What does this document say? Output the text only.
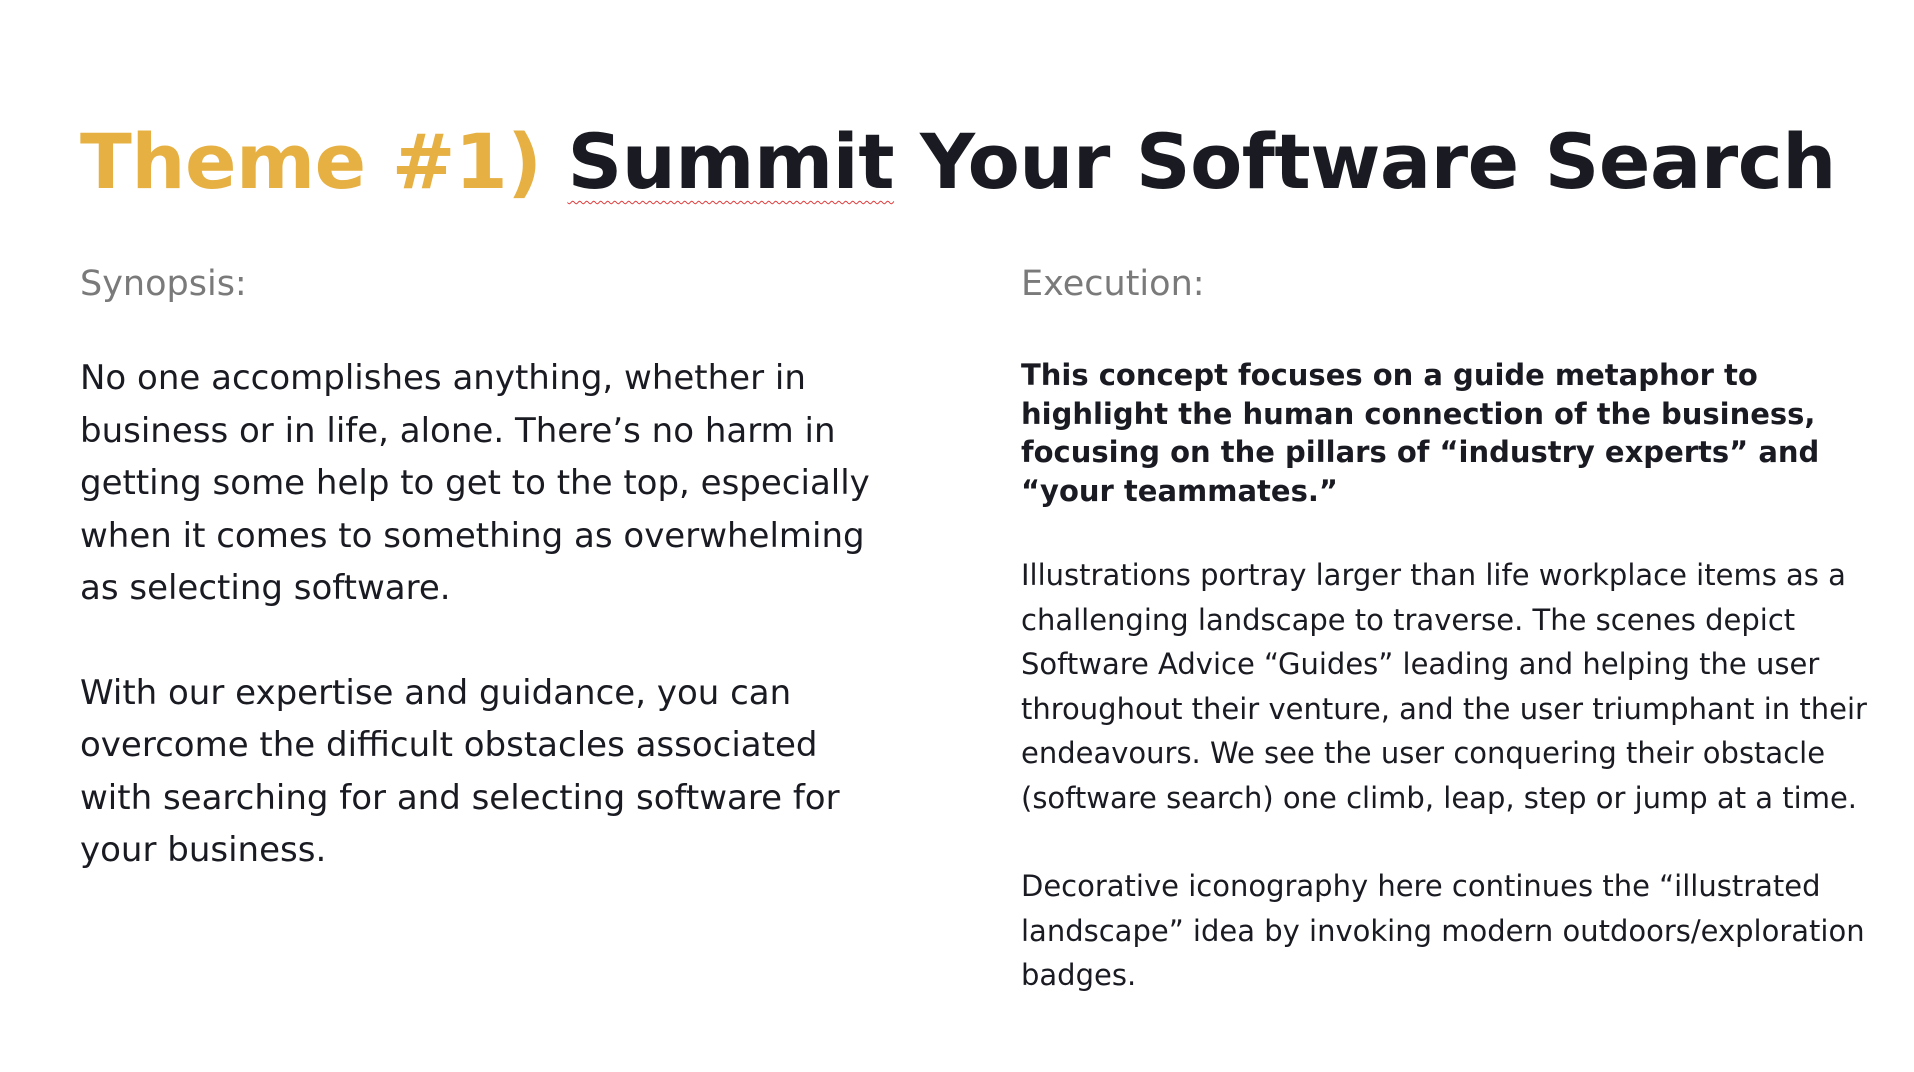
Theme #1) Summit Your Software Search
Synopsis:

No one accomplishes anything, whether in business or in life, alone. There’s no harm in getting some help to get to the top, especially when it comes to something as overwhelming as selecting software.

With our expertise and guidance, you can overcome the difficult obstacles associated with searching for and selecting software for your business.

Execution:

This concept focuses on a guide metaphor to highlight the human connection of the business, focusing on the pillars of “industry experts” and “your teammates.”

Illustrations portray larger than life workplace items as a challenging landscape to traverse. The scenes depict Software Advice “Guides” leading and helping the user throughout their venture, and the user triumphant in their endeavours. We see the user conquering their obstacle (software search) one climb, leap, step or jump at a time.

Decorative iconography here continues the “illustrated landscape” idea by invoking modern outdoors/exploration badges.
